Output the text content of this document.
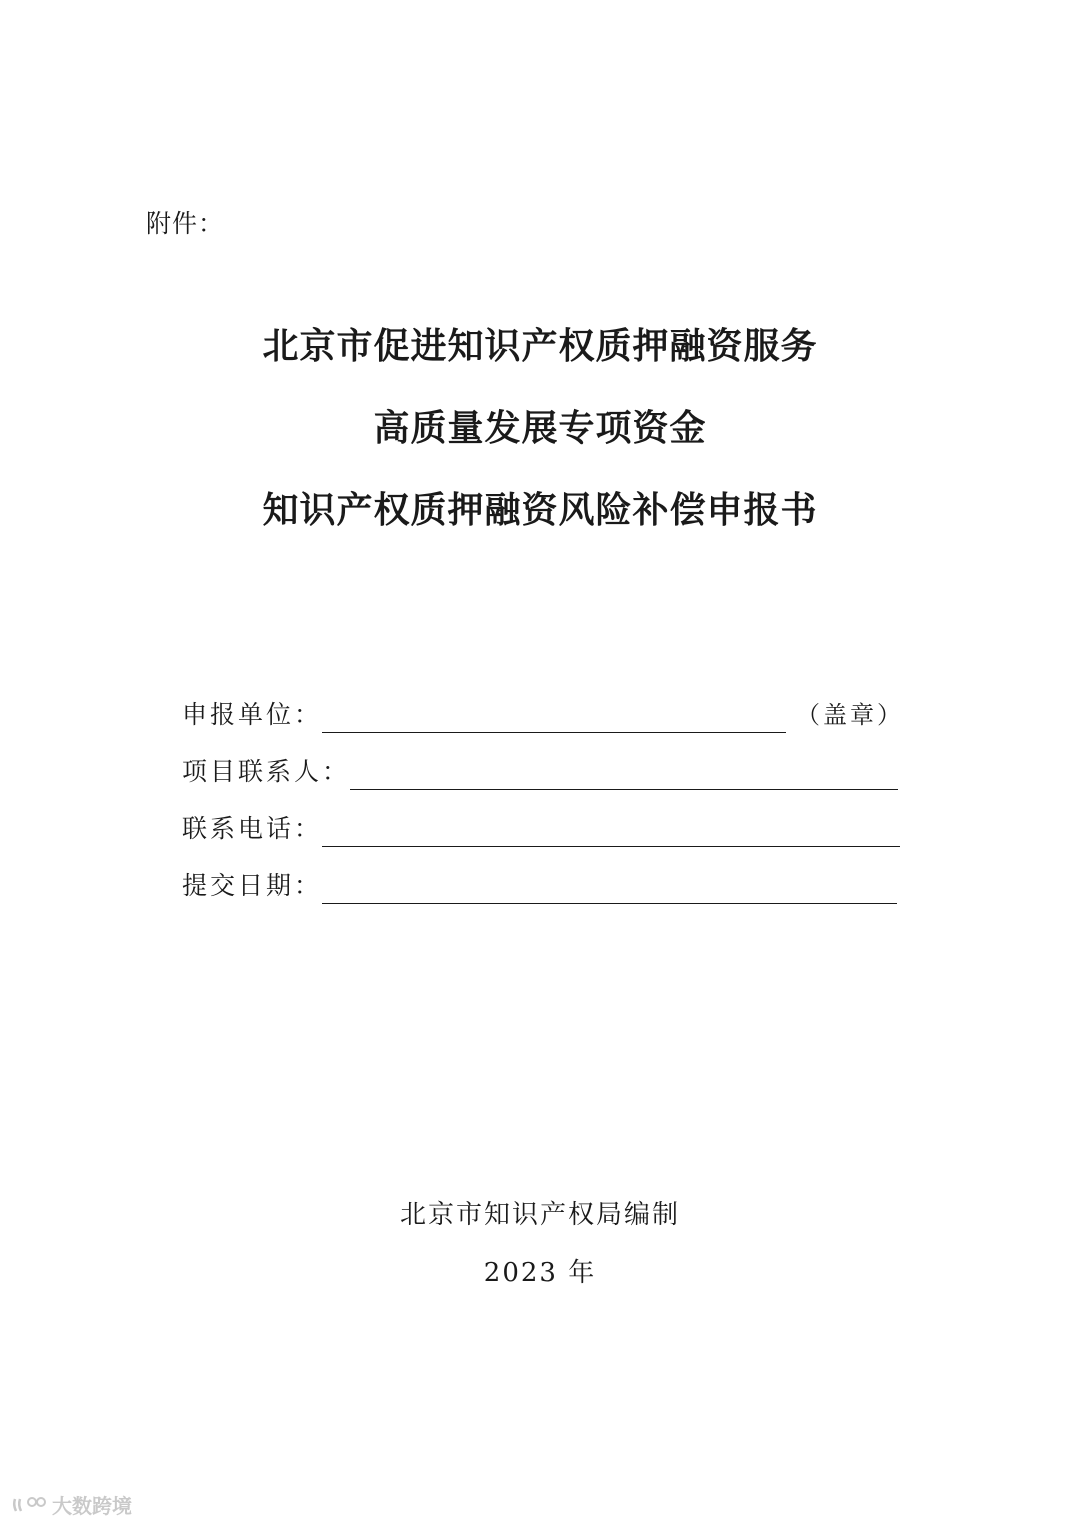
附件：
北京市促进知识产权质押融资服务
高质量发展专项资金
知识产权质押融资风险补偿申报书
申报单位：	（盖章）
项目联系人：
联系电话：
提交日期：
北京市知识产权局编制
2023 年
大数跨境
